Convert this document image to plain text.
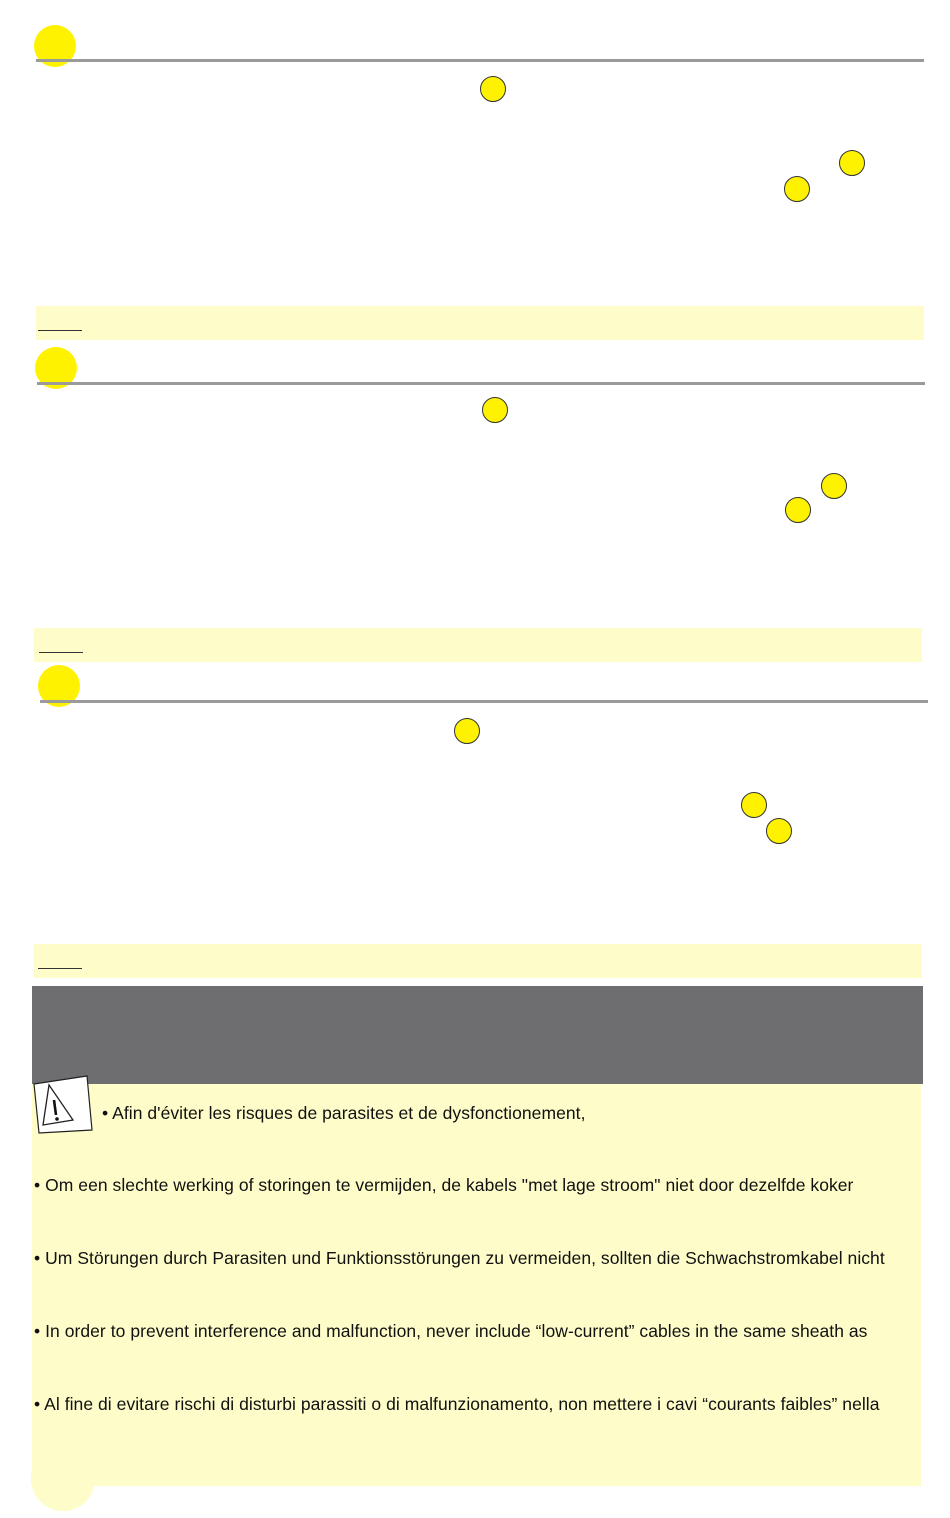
• Afin d'éviter les risques de parasites et de dysfonctionement,
• Om een slechte werking of storingen te vermijden, de kabels "met lage stroom" niet door dezelfde koker
• Um Störungen durch Parasiten und Funktionsstörungen zu vermeiden, sollten die Schwachstromkabel nicht
• In order to prevent interference and malfunction, never include “low-current” cables in the same sheath as
• Al fine di evitare rischi di disturbi parassiti o di malfunzionamento, non mettere i cavi “courants faibles” nella
